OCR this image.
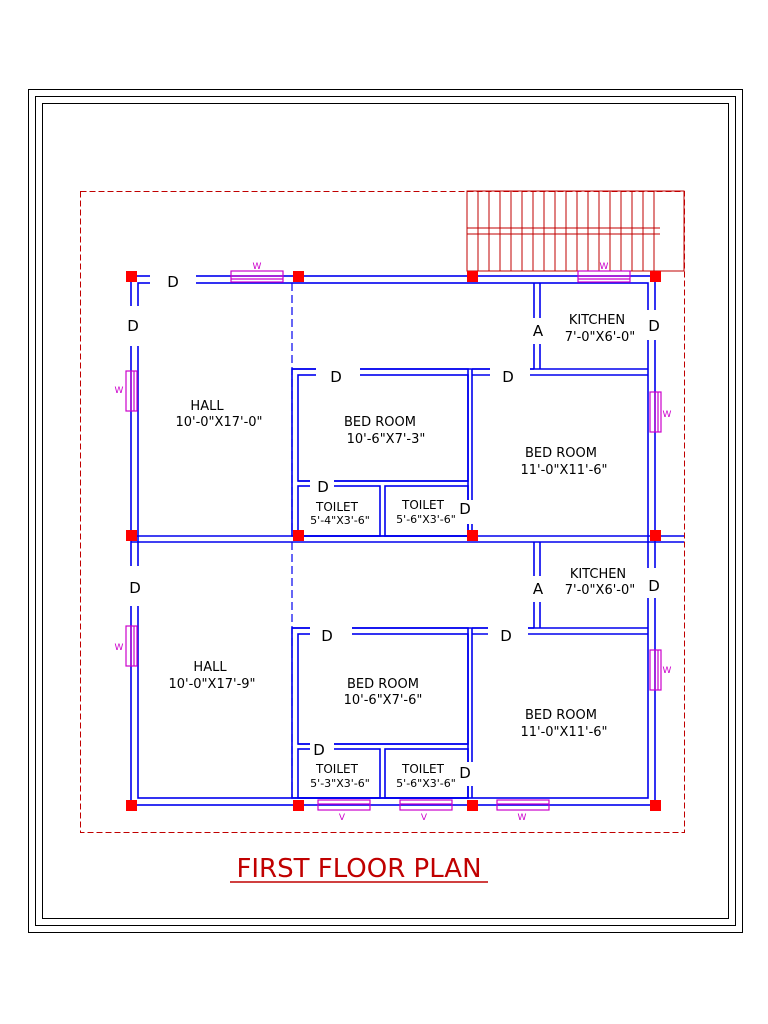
HALL
10'-0"X17'-0"	BED ROOM
10'-6"X7'-3"
BED ROOM
11'-0"X11'-6"
KITCHEN
7'-0"X6'-0"
TOILET
5'-4"X3'-6"
TOILET
5'-6"X3'-6"
HALL
10'-0"X17'-9"	BED ROOM
10'-6"X7'-6"
BED ROOM
11'-0"X11'-6"
KITCHEN
7'-0"X6'-0"
TOILET
5'-3"X3'-6"
TOILET
5'-6"X3'-6"
D
D
D	D
D
A
D
D
D
D	D
D
A
D
D
W	W
W
W
W
W
V	V	W
FIRST FLOOR PLAN
